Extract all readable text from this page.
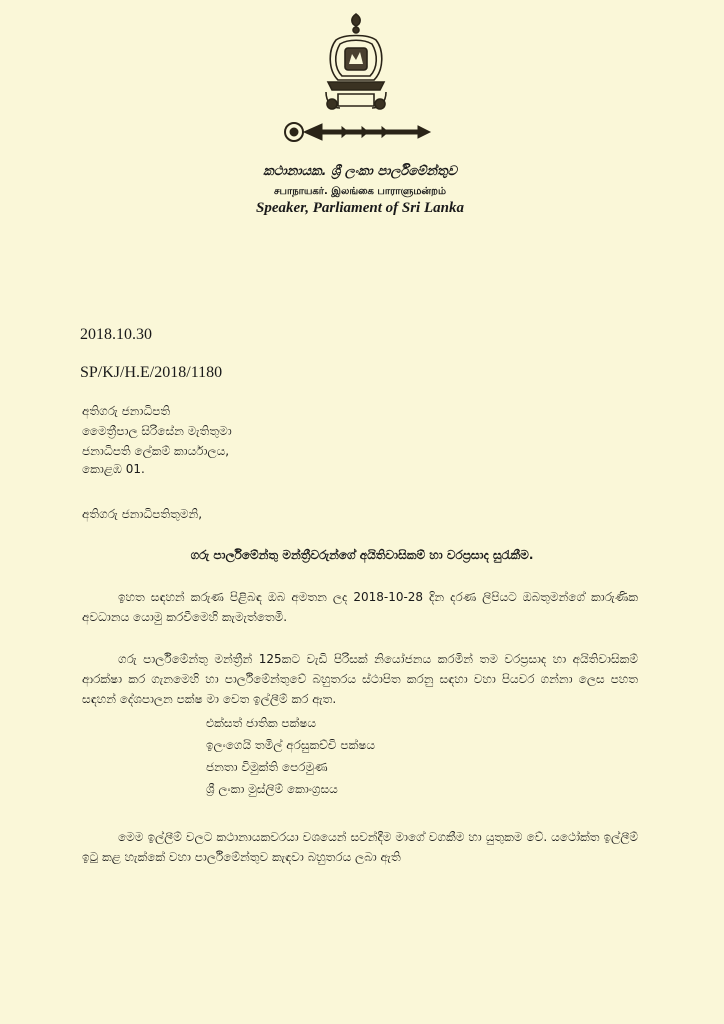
කථානායක. ශ්‍රී ලංකා පාර්ලිමේන්තුව
சபாநாயகர். இலங்கை பாராளுமன்றம்
Speaker, Parliament of Sri Lanka
2018.10.30
SP/KJ/H.E/2018/1180
අතිගරු ජනාධිපති
මෛත්‍රීපාල සිරිසේන මැතිතුමා
ජනාධිපති ලේකම් කාර්යාලය,
කොළඹ 01.
අතිගරු ජනාධිපතිතුමනි,
ගරු පාර්ලිමේන්තු මන්ත්‍රීවරුන්ගේ අයිතිවාසිකම් හා වරප්‍රසාද සුරැකීම.
ඉහත සඳහන් කරුණ පිළිබඳ ඔබ අමතන ලද 2018-10-28 දින දරණ ලිපියට ඔබතුමන්ගේ කාරුණික අවධානය යොමු කරවීමෙහි කැමැත්තෙමි.
ගරු පාර්ලිමේන්තු මන්ත්‍රීන් 125කට වැඩි පිරිසක් නියෝජනය කරමින් තම වරප්‍රසාද හා අයිතිවාසිකම් ආරක්ෂා කර ගැනමෙහි හා පාර්ලිමේන්තුවේ බහුතරය ස්ථාපිත කරනු සඳහා වහා පියවර ගන්නා ලෙස පහත සඳහන් දේශපාලන පක්ෂ මා වෙත ඉල්ලීම් කර ඇත.
එක්සත් ජාතික පක්ෂය
ඉලංගෙයි තමිල් අරසුකච්චි පක්ෂය
ජනතා විමුක්ති පෙරමුණ
ශ්‍රී ලංකා මුස්ලිම් කොංග්‍රසය
මෙම ඉල්ලීම් වලට කථානායකවරයා වශයෙන් සවන්දීම මාගේ වගකීම හා යුතුකම වේ. යථෝක්ත ඉල්ලීම් ඉටු කළ හැක්කේ වහා පාර්ලිමේන්තුව කැඳවා බහුතරය ලබා ඇති
